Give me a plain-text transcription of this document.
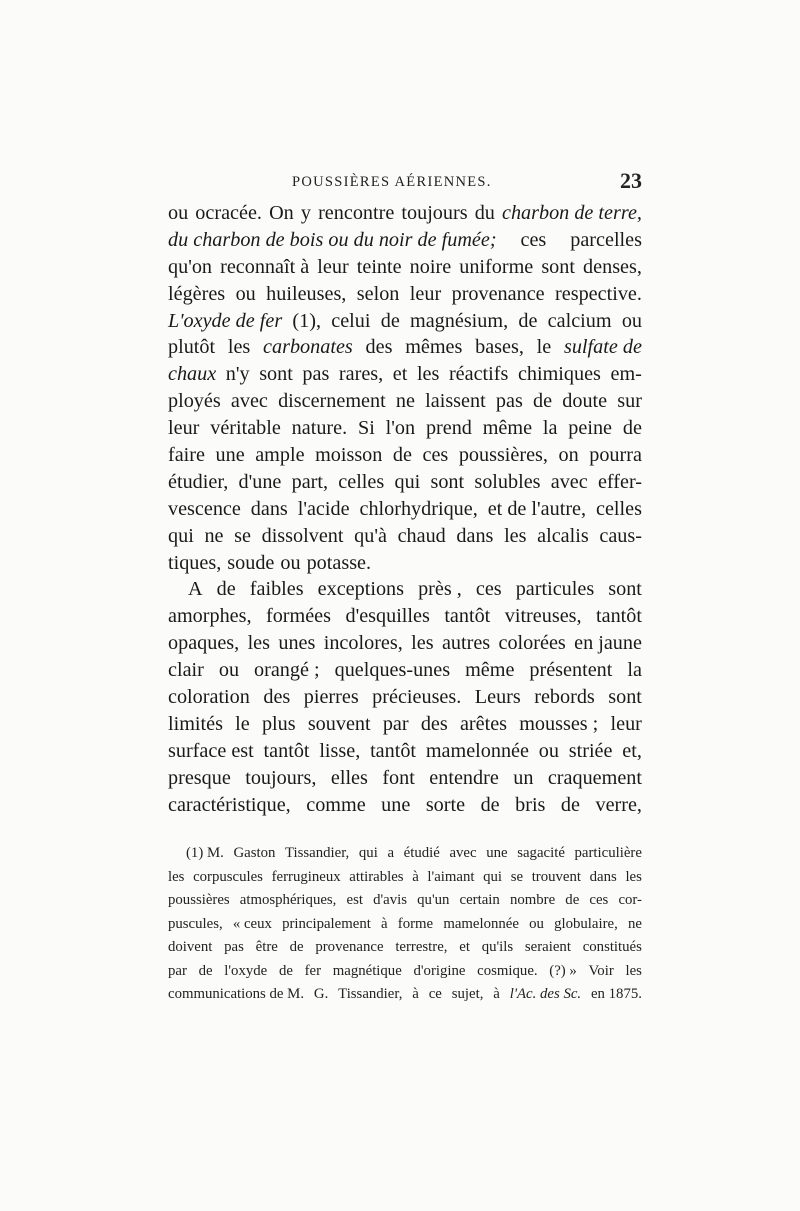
POUSSIÈRES AÉRIENNES.	23
ou ocracée. On y rencontre toujours du charbon de terre,
du charbon de bois ou du noir de fumée; ces parcelles
qu'on reconnaît à leur teinte noire uniforme sont denses,
légères ou huileuses, selon leur provenance respective.
L'oxyde de fer (1), celui de magnésium, de calcium ou
plutôt les carbonates des mêmes bases, le sulfate de
chaux n'y sont pas rares, et les réactifs chimiques em-
ployés avec discernement ne laissent pas de doute sur
leur véritable nature. Si l'on prend même la peine de
faire une ample moisson de ces poussières, on pourra
étudier, d'une part, celles qui sont solubles avec effer-
vescence dans l'acide chlorhydrique, et de l'autre, celles
qui ne se dissolvent qu'à chaud dans les alcalis caus-
tiques, soude ou potasse.
A de faibles exceptions près , ces particules sont
amorphes, formées d'esquilles tantôt vitreuses, tantôt
opaques, les unes incolores, les autres colorées en jaune
clair ou orangé ; quelques-unes même présentent la
coloration des pierres précieuses. Leurs rebords sont
limités le plus souvent par des arêtes mousses ; leur
surface est tantôt lisse, tantôt mamelonnée ou striée et,
presque toujours, elles font entendre un craquement
caractéristique, comme une sorte de bris de verre,
(1) M. Gaston Tissandier, qui a étudié avec une sagacité particulière
les corpuscules ferrugineux attirables à l'aimant qui se trouvent dans les
poussières atmosphériques, est d'avis qu'un certain nombre de ces cor-
puscules, « ceux principalement à forme mamelonnée ou globulaire, ne
doivent pas être de provenance terrestre, et qu'ils seraient constitués
par de l'oxyde de fer magnétique d'origine cosmique. (?) » Voir les
communications de M. G. Tissandier, à ce sujet, à l'Ac. des Sc. en 1875.
